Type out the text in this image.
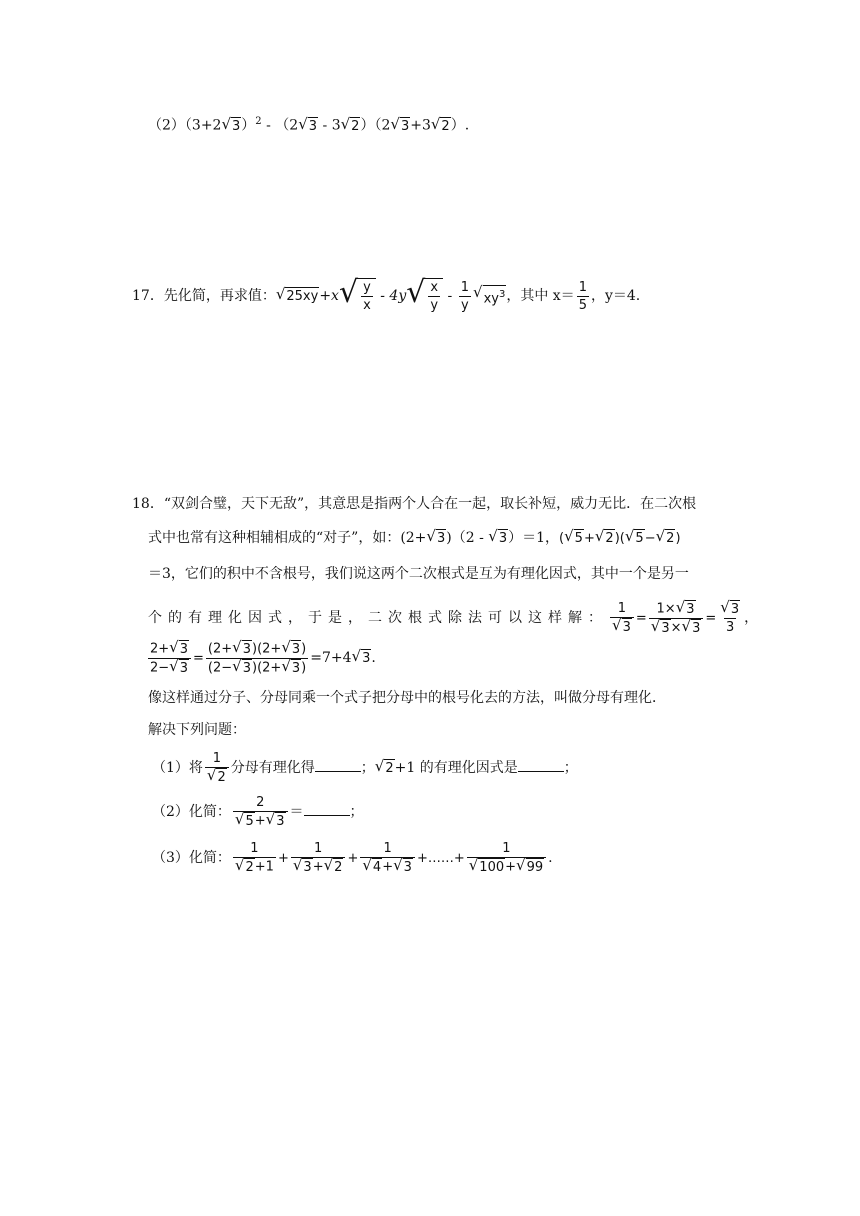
（2）（3+2 √ 3 ）$^2$ - （2 √ 3 - 3 √ 2 ）（2 √ 3 +3 √ 2 ）.
17．先化简，再求值： √ 25xy +x √ $\frac{y}{x} - 4y$ √ $\frac{x}{y} - \frac{1}{y}$ √ $xy^3$ ，其中 $x= \frac{1}{5}$ ，y＝4.
18．“双剑合璧，天下无敌”，其意思是指两个人合在一起，取长补短，威力无比．在二次根
式中也常有这种相辅相成的“对子”，如：(2+ √ 3 )（2 - √ 3 ）＝1，( √ 5 + √ 2 )( √ 5 − √ 2 )
＝3，它们的积中不含根号，我们说这两个二次根式是互为有理化因式，其中一个是另一
个的有理化因式，于是，二次根式除法可以这样解： $\frac{1}{√ 3} = \frac{1\times √ 3}{√ 3 \times √ 3} = \frac{√ 3}{3}$ ，
$\frac{2+ √ 3}{2- √ 3} = \frac{(2+ √ 3 )(2+ √ 3 )}{(2- √ 3 )(2+ √ 3 )} =7+4$ √ 3 .
像这样通过分子、分母同乘一个式子把分母中的根号化去的方法，叫做分母有理化．
解决下列问题：
（1）将 $\frac{1}{√ 2}$ 分母有理化得	； √ 2 +1 的有理化因式是	；
（2）化简： $\frac{2}{√ 5 + √ 3}$ ＝	；
（3）化简： $\frac{1}{√ 2 +1} + \frac{1}{√ 3 + √ 2} + \frac{1}{√ 4 + √ 3}$ +……+ $\frac{1}{√ 100 + √ 99}$ .
